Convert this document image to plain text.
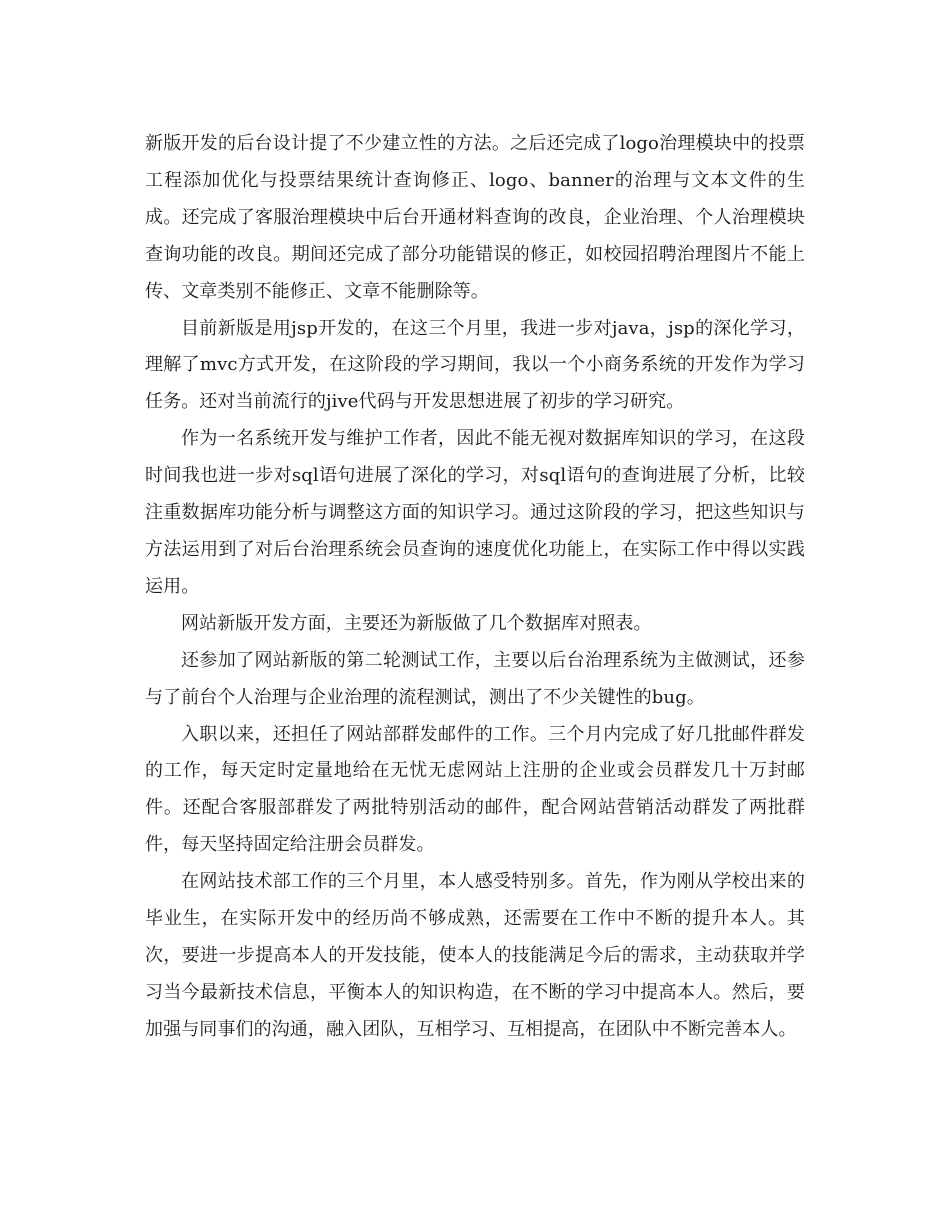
新版开发的后台设计提了不少建立性的方法。之后还完成了logo治理模块中的投票工程添加优化与投票结果统计查询修正、logo、banner的治理与文本文件的生成。还完成了客服治理模块中后台开通材料查询的改良，企业治理、个人治理模块查询功能的改良。期间还完成了部分功能错误的修正，如校园招聘治理图片不能上传、文章类别不能修正、文章不能删除等。

目前新版是用jsp开发的，在这三个月里，我进一步对java，jsp的深化学习，理解了mvc方式开发，在这阶段的学习期间，我以一个小商务系统的开发作为学习任务。还对当前流行的jive代码与开发思想进展了初步的学习研究。

作为一名系统开发与维护工作者，因此不能无视对数据库知识的学习，在这段时间我也进一步对sql语句进展了深化的学习，对sql语句的查询进展了分析，比较注重数据库功能分析与调整这方面的知识学习。通过这阶段的学习，把这些知识与方法运用到了对后台治理系统会员查询的速度优化功能上，在实际工作中得以实践运用。

网站新版开发方面，主要还为新版做了几个数据库对照表。

还参加了网站新版的第二轮测试工作，主要以后台治理系统为主做测试，还参与了前台个人治理与企业治理的流程测试，测出了不少关键性的bug。

入职以来，还担任了网站部群发邮件的工作。三个月内完成了好几批邮件群发的工作，每天定时定量地给在无忧无虑网站上注册的企业或会员群发几十万封邮件。还配合客服部群发了两批特别活动的邮件，配合网站营销活动群发了两批群件，每天坚持固定给注册会员群发。

在网站技术部工作的三个月里，本人感受特别多。首先，作为刚从学校出来的毕业生，在实际开发中的经历尚不够成熟，还需要在工作中不断的提升本人。其次，要进一步提高本人的开发技能，使本人的技能满足今后的需求，主动获取并学习当今最新技术信息，平衡本人的知识构造，在不断的学习中提高本人。然后，要加强与同事们的沟通，融入团队，互相学习、互相提高，在团队中不断完善本人。
